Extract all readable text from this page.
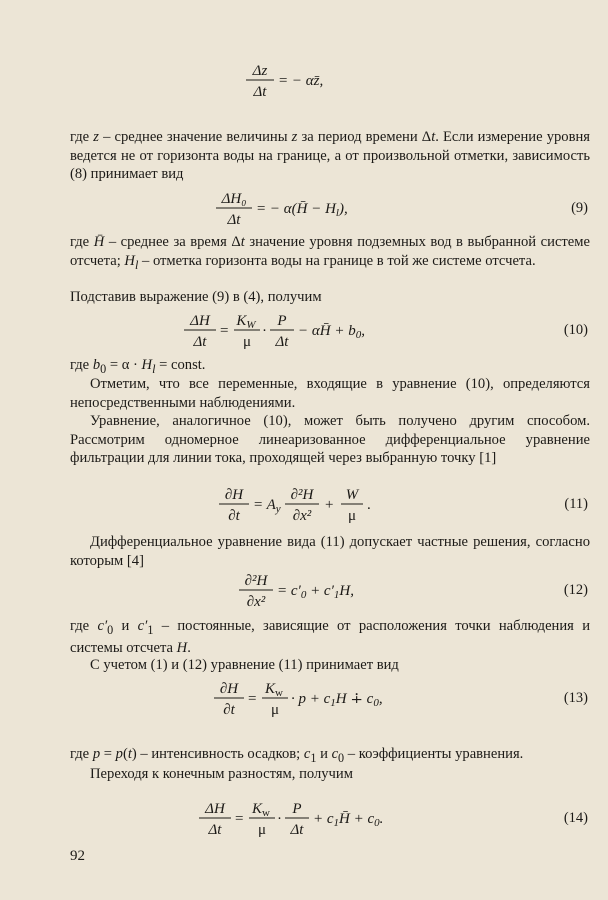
Δz
Δt
= − αz̄,

где z – среднее значение величины z за период времени Δt. Если измерение уровня ведется не от горизонта воды на границе, а от произвольной отметки, зависимость (8) принимает вид

ΔH₀
Δt
= − α(H̄ − $H_l$),	(9)

где H̄ – среднее за время Δt значение уровня подземных вод в выбранной системе отсчета; $H_l$ – отметка горизонта воды на границе в той же системе отсчета.

Подставив выражение (9) в (4), получим

ΔH
Δt
=
$K_W$
μ
·
P
Δt
− αH̄ + $b_0$,	(10)

где $b_0 = \alpha \cdot H_l$ = const.

Отметим, что все переменные, входящие в уравнение (10), определяются непосредственными наблюдениями.

Уравнение, аналогичное (10), может быть получено другим способом. Рассмотрим одномерное линеаризованное дифференциальное уравнение фильтрации для линии тока, проходящей через выбранную точку [1]

∂H
∂t
= $A_y$
∂²H
∂x²
+
W
μ
.	(11)

Дифференциальное уравнение вида (11) допускает частные решения, согласно которым [4]

∂²H
∂x²
= $c'_0 + c'_1H$,	(12)

где $c'_0$ и $c'_1$ – постоянные, зависящие от расположения точки наблюдения и системы отсчета H.

С учетом (1) и (12) уравнение (11) принимает вид

∂H
∂t
=
$K_w$
μ
· $p + c_1H$ ∔ $c_0$,	(13)

где p = p(t) – интенсивность осадков; $c_1$ и $c_0$ – коэффициенты уравнения.

Переходя к конечным разностям, получим

ΔH
Δt
=
$K_w$
μ
·
P
Δt
+ $c_1H̄ + c_0$.	(14)
92
